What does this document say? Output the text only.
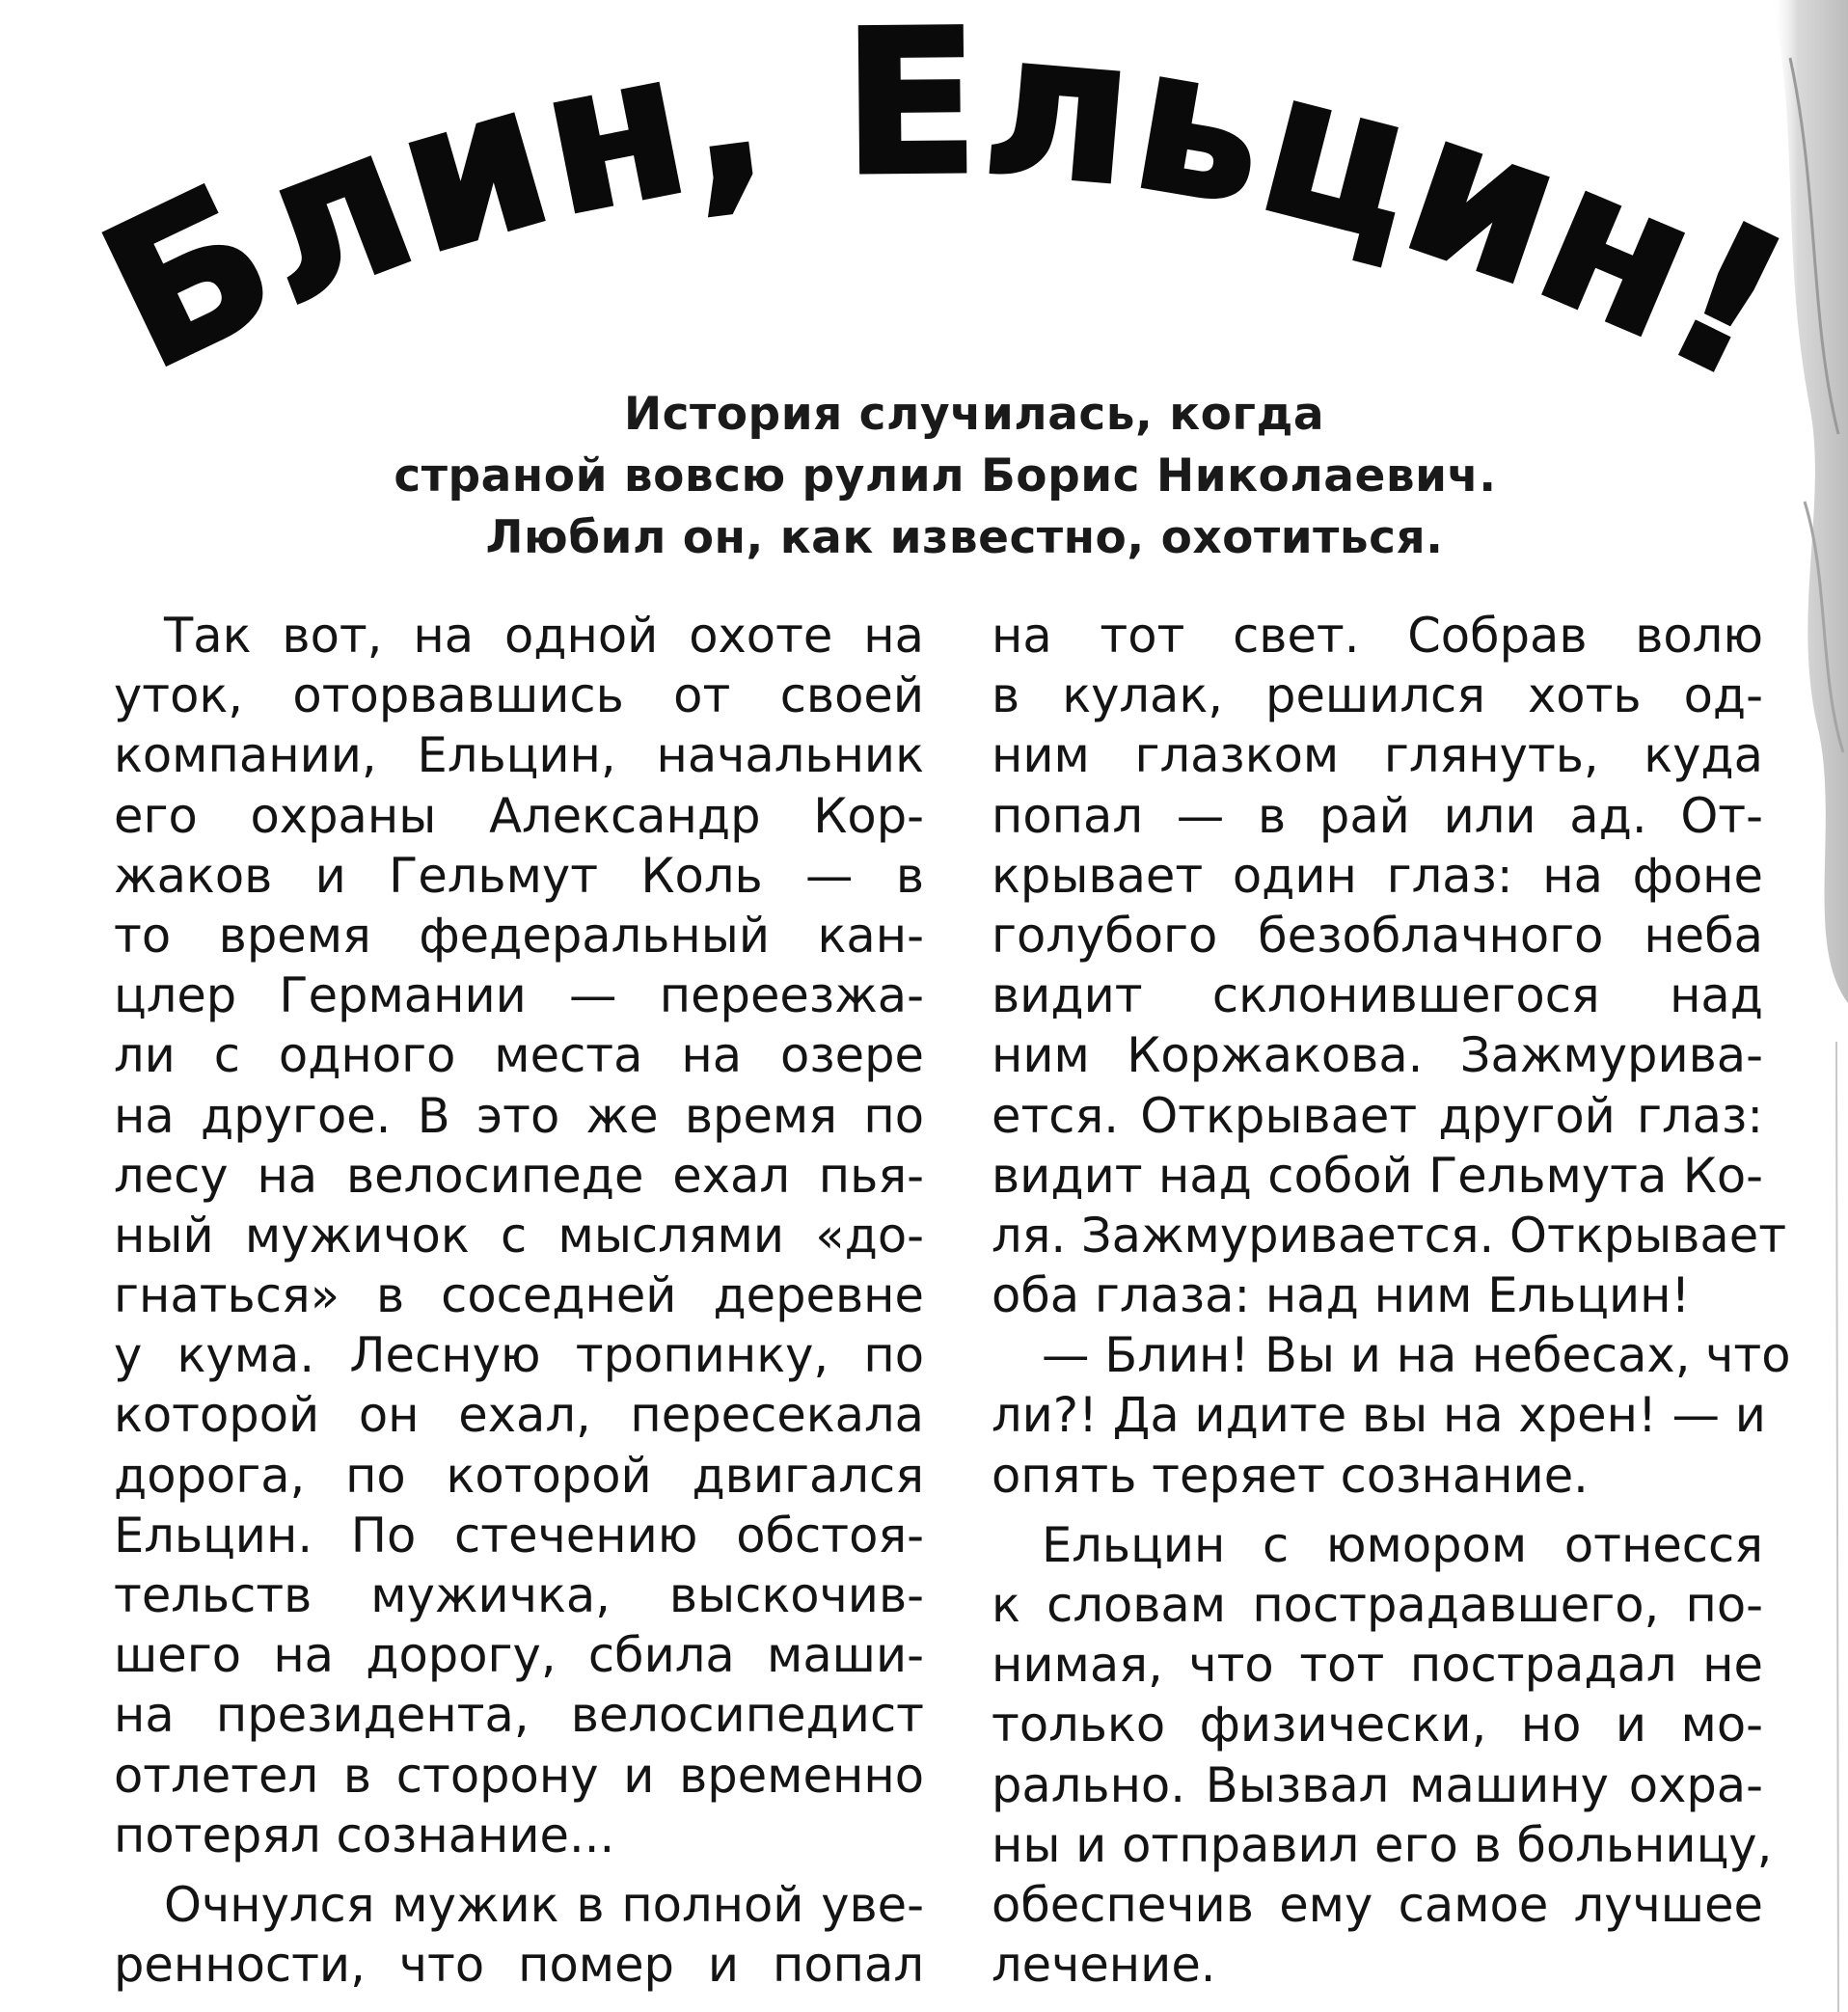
Блин, Ельцин!
История случилась, когда
страной вовсю рулил Борис Николаевич.
Любил он, как известно, охотиться.
Так вот, на одной охоте на
уток, оторвавшись от своей
компании, Ельцин, начальник
его охраны Александр Кор-
жаков и Гельмут Коль — в
то время федеральный кан-
цлер Германии — переезжа-
ли с одного места на озере
на другое. В это же время по
лесу на велосипеде ехал пья-
ный мужичок с мыслями «до-
гнаться» в соседней деревне
у кума. Лесную тропинку, по
которой он ехал, пересекала
дорога, по которой двигался
Ельцин. По стечению обстоя-
тельств мужичка, выскочив-
шего на дорогу, сбила маши-
на президента, велосипедист
отлетел в сторону и временно
потерял сознание...
Очнулся мужик в полной уве-
ренности, что помер и попал
на тот свет. Собрав волю
в кулак, решился хоть од-
ним глазком глянуть, куда
попал — в рай или ад. От-
крывает один глаз: на фоне
голубого безоблачного неба
видит склонившегося над
ним Коржакова. Зажмурива-
ется. Открывает другой глаз:
видит над собой Гельмута Ко-
ля. Зажмуривается. Открывает
оба глаза: над ним Ельцин!
— Блин! Вы и на небесах, что
ли?! Да идите вы на хрен! — и
опять теряет сознание.
Ельцин с юмором отнесся
к словам пострадавшего, по-
нимая, что тот пострадал не
только физически, но и мо-
рально. Вызвал машину охра-
ны и отправил его в больницу,
обеспечив ему самое лучшее
лечение.
